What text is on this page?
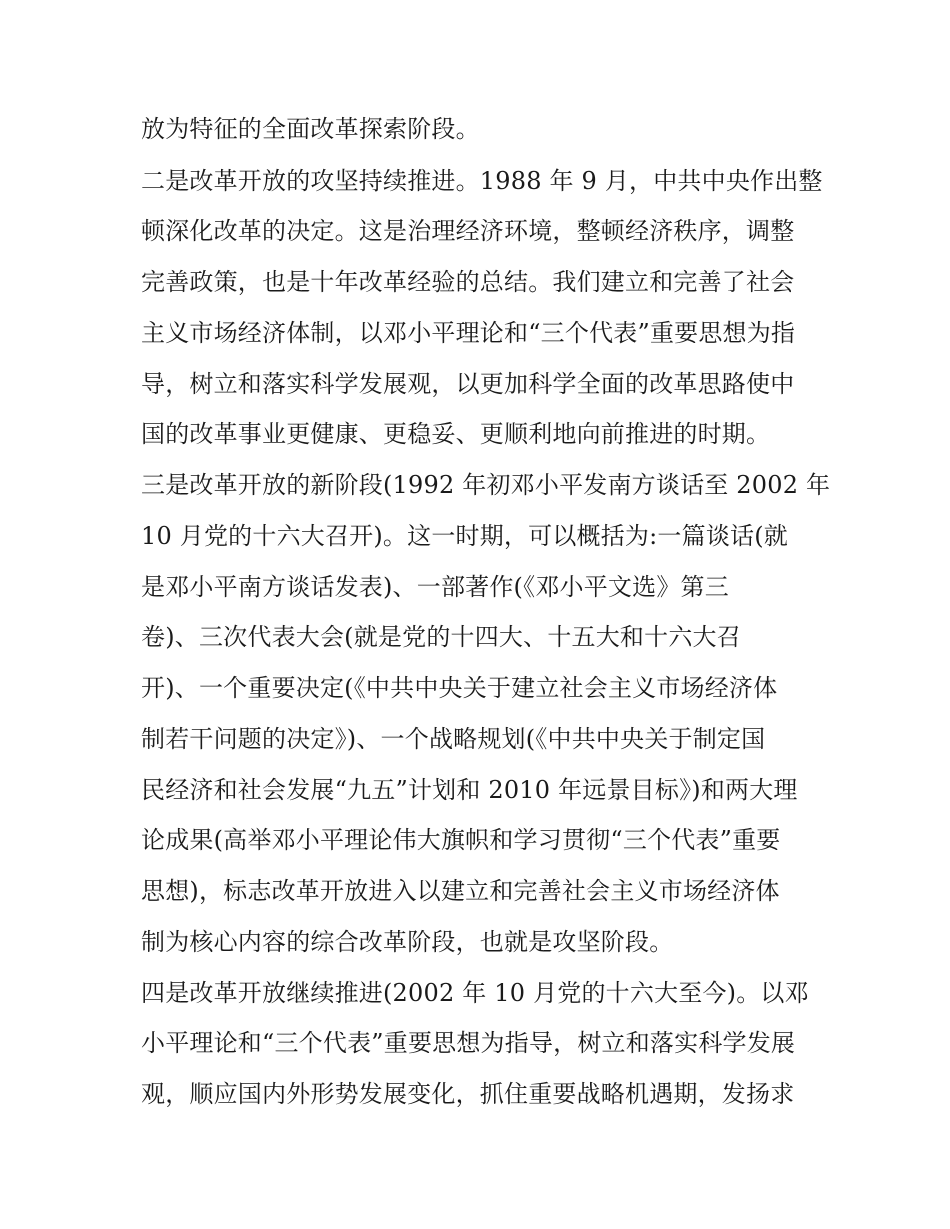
放为特征的全面改革探索阶段。
二是改革开放的攻坚持续推进。1988 年 9 月，中共中央作出整
顿深化改革的决定。这是治理经济环境，整顿经济秩序，调整
完善政策，也是十年改革经验的总结。我们建立和完善了社会
主义市场经济体制，以邓小平理论和“三个代表”重要思想为指
导，树立和落实科学发展观，以更加科学全面的改革思路使中
国的改革事业更健康、更稳妥、更顺利地向前推进的时期。
三是改革开放的新阶段(1992 年初邓小平发南方谈话至 2002 年
10 月党的十六大召开)。这一时期，可以概括为:一篇谈话(就
是邓小平南方谈话发表)、一部著作(《邓小平文选》第三
卷)、三次代表大会(就是党的十四大、十五大和十六大召
开)、一个重要决定(《中共中央关于建立社会主义市场经济体
制若干问题的决定》)、一个战略规划(《中共中央关于制定国
民经济和社会发展“九五”计划和 2010 年远景目标》)和两大理
论成果(高举邓小平理论伟大旗帜和学习贯彻“三个代表”重要
思想)，标志改革开放进入以建立和完善社会主义市场经济体
制为核心内容的综合改革阶段，也就是攻坚阶段。
四是改革开放继续推进(2002 年 10 月党的十六大至今)。以邓
小平理论和“三个代表”重要思想为指导，树立和落实科学发展
观，顺应国内外形势发展变化，抓住重要战略机遇期，发扬求
